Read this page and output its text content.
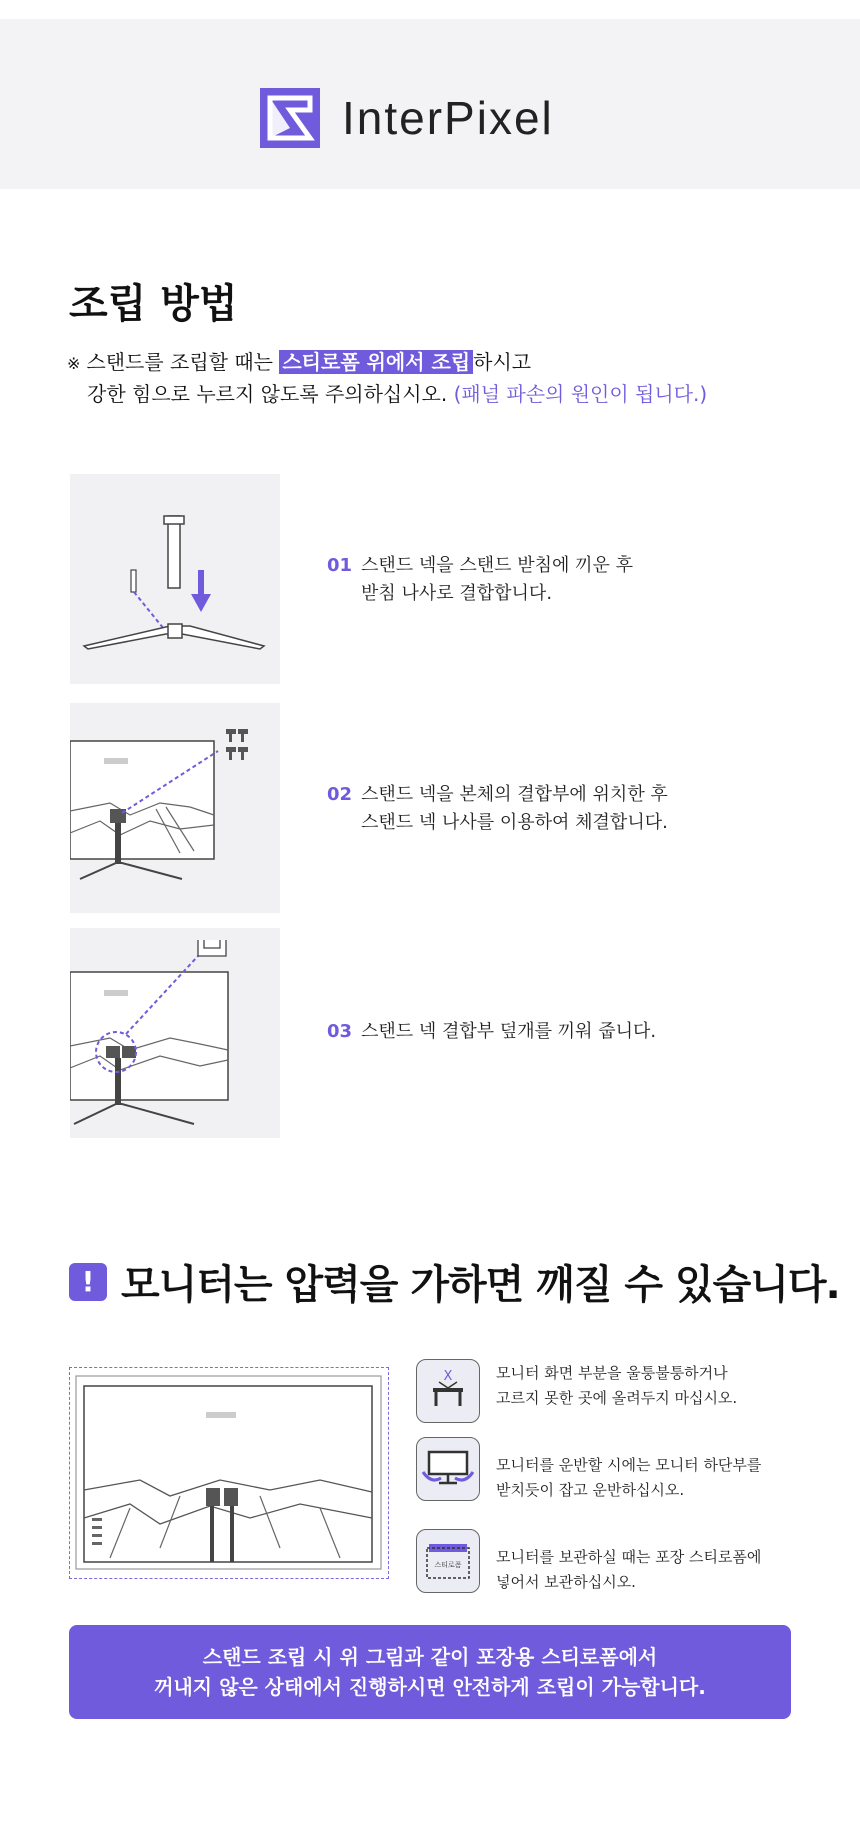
InterPixel
조립 방법
※ 스탠드를 조립할 때는 스티로폼 위에서 조립 하시고
강한 힘으로 누르지 않도록 주의하십시오. (패널 파손의 원인이 됩니다.)
01 스탠드 넥을 스탠드 받침에 끼운 후
받침 나사로 결합합니다.
02 스탠드 넥을 본체의 결합부에 위치한 후
스탠드 넥 나사를 이용하여 체결합니다.
03 스탠드 넥 결합부 덮개를 끼워 줍니다.
! 모니터는 압력을 가하면 깨질 수 있습니다.
X	모니터 화면 부분을 울퉁불퉁하거나
고르지 못한 곳에 올려두지 마십시오.
모니터를 운반할 시에는 모니터 하단부를
받치듯이 잡고 운반하십시오.
스티로폼 모니터를 보관하실 때는 포장 스티로폼에
넣어서 보관하십시오.
스탠드 조립 시 위 그림과 같이 포장용 스티로폼에서
꺼내지 않은 상태에서 진행하시면 안전하게 조립이 가능합니다.
